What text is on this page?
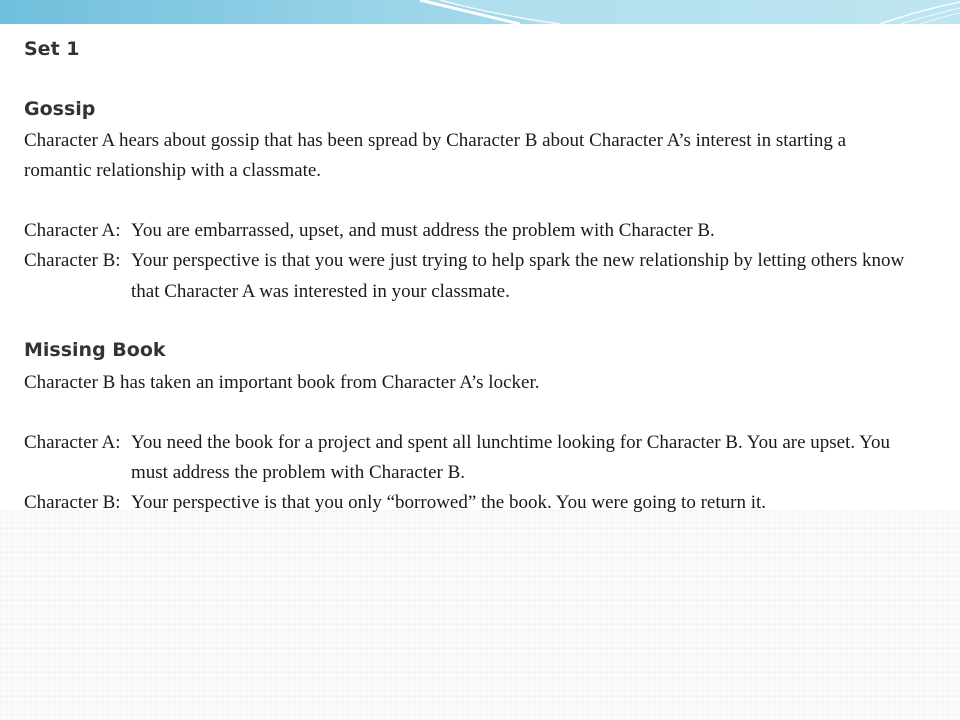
Set 1
Gossip
Character A hears about gossip that has been spread by Character B about Character A’s interest in starting a
romantic relationship with a classmate.
Character A: You are embarrassed, upset, and must address the problem with Character B.
Character B: Your perspective is that you were just trying to help spark the new relationship by letting others know
that Character A was interested in your classmate.
Missing Book
Character B has taken an important book from Character A’s locker.
Character A: You need the book for a project and spent all lunchtime looking for Character B. You are upset. You
must address the problem with Character B.
Character B: Your perspective is that you only “borrowed” the book. You were going to return it.
